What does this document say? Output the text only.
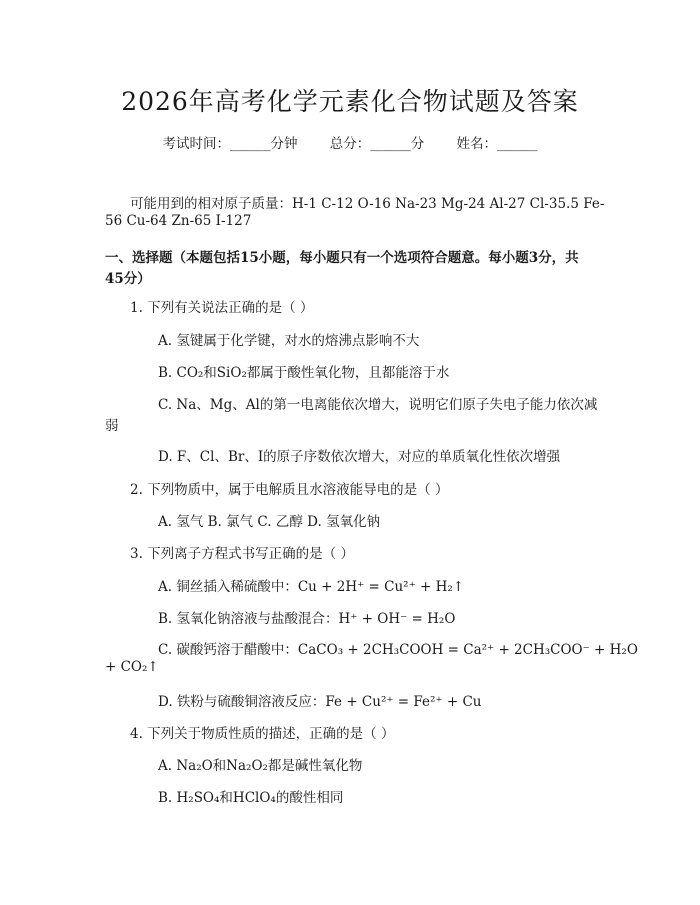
2026年高考化学元素化合物试题及答案
考试时间：______分钟 总分：______分 姓名：______
可能用到的相对原子质量：H-1 C-12 O-16 Na-23 Mg-24 Al-27 Cl-35.5 Fe-
56 Cu-64 Zn-65 I-127
一、选择题（本题包括15小题，每小题只有一个选项符合题意。每小题3分，共
45分）
1. 下列有关说法正确的是（ ）
A. 氢键属于化学键，对水的熔沸点影响不大
B. CO₂和SiO₂都属于酸性氧化物，且都能溶于水
C. Na、Mg、Al的第一电离能依次增大，说明它们原子失电子能力依次减
弱
D. F、Cl、Br、I的原子序数依次增大，对应的单质氧化性依次增强
2. 下列物质中，属于电解质且水溶液能导电的是（ ）
A. 氢气 B. 氯气 C. 乙醇 D. 氢氧化钠
3. 下列离子方程式书写正确的是（ ）
A. 铜丝插入稀硫酸中：Cu + 2H⁺ = Cu²⁺ + H₂↑
B. 氢氧化钠溶液与盐酸混合：H⁺ + OH⁻ = H₂O
C. 碳酸钙溶于醋酸中：CaCO₃ + 2CH₃COOH = Ca²⁺ + 2CH₃COO⁻ + H₂O
+ CO₂↑
D. 铁粉与硫酸铜溶液反应：Fe + Cu²⁺ = Fe²⁺ + Cu
4. 下列关于物质性质的描述，正确的是（ ）
A. Na₂O和Na₂O₂都是碱性氧化物
B. H₂SO₄和HClO₄的酸性相同
